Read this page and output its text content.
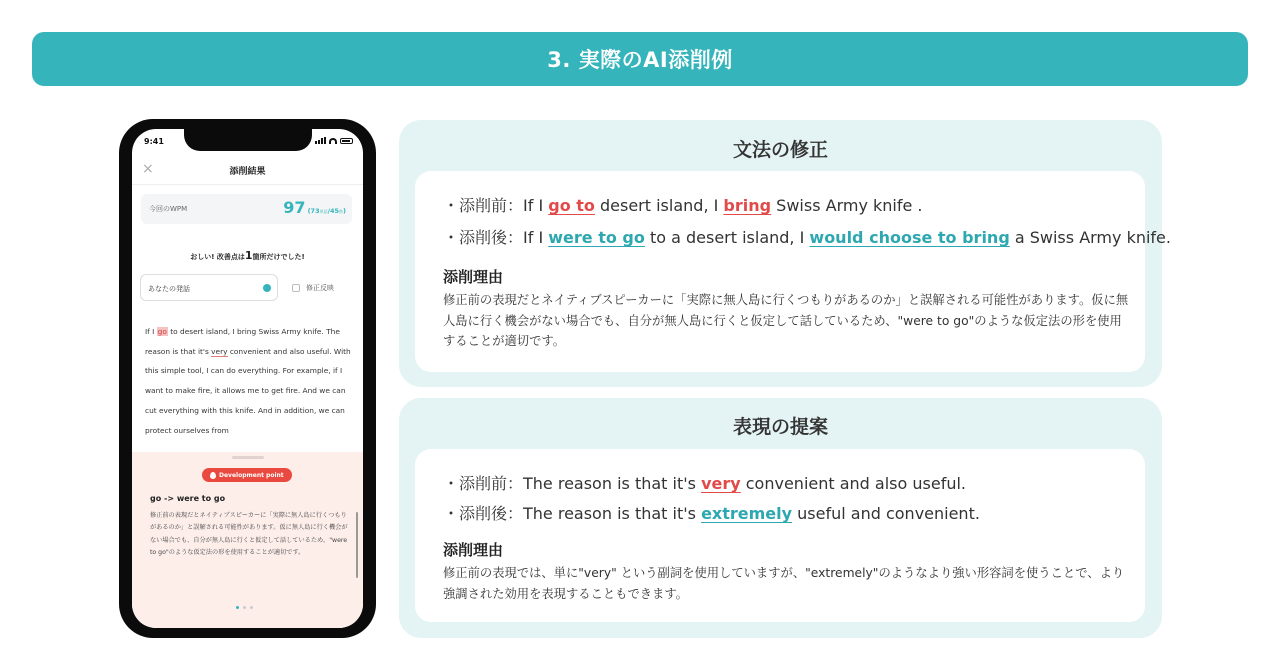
3. 実際のAI添削例
9:41
×	添削結果
今回のWPM	97 (73単語/45秒)
おしい! 改善点は1箇所だけでした!
あなたの発話	修正反映
If I go to desert island, I bring Swiss Army knife. The reason is that it's very convenient and also useful. With this simple tool, I can do everything. For example, if I want to make fire, it allows me to get fire. And we can cut everything with this knife. And in addition, we can protect ourselves from
Development point
go -> were to go
修正前の表現だとネイティブスピーカーに「実際に無人島に行くつもりがあるのか」と誤解される可能性があります。仮に無人島に行く機会がない場合でも、自分が無人島に行くと仮定して話しているため、"were to go"のような仮定法の形を使用することが適切です。
文法の修正
・添削前：If I go to desert island, I bring Swiss Army knife .
・添削後：If I were to go to a desert island, I would choose to bring a Swiss Army knife.
添削理由
修正前の表現だとネイティブスピーカーに「実際に無人島に行くつもりがあるのか」と誤解される可能性があります。仮に無人島に行く機会がない場合でも、自分が無人島に行くと仮定して話しているため、"were to go"のような仮定法の形を使用することが適切です。
表現の提案
・添削前：The reason is that it's very convenient and also useful.
・添削後：The reason is that it's extremely useful and convenient.
添削理由
修正前の表現では、単に"very" という副詞を使用していますが、"extremely"のようなより強い形容詞を使うことで、より強調された効用を表現することもできます。
